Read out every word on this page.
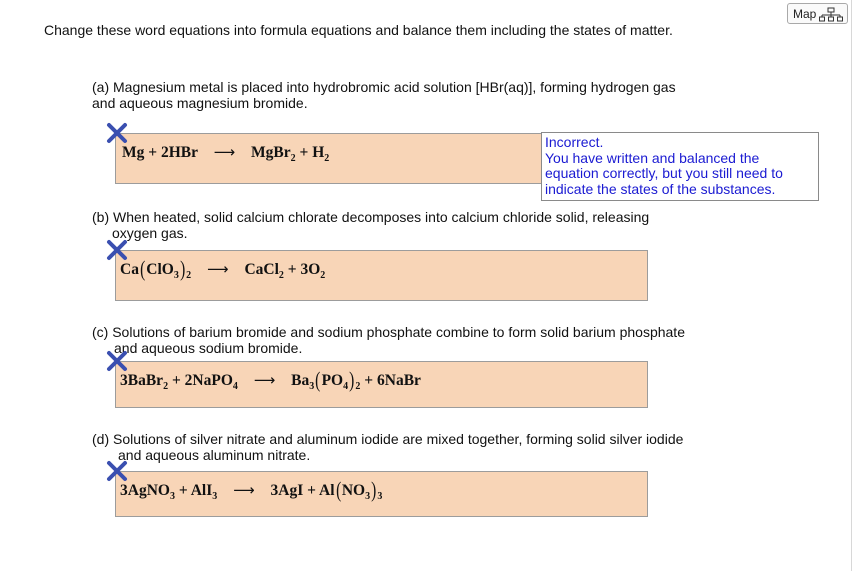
Map
Change these word equations into formula equations and balance them including the states of matter.
(a) Magnesium metal is placed into hydrobromic acid solution [HBr(aq)], forming hydrogen gas
and aqueous magnesium bromide.
Mg + 2HBr ⟶ MgBr$_2$ + $H_2$
Incorrect.
You have written and balanced the equation correctly, but you still need to indicate the states of the substances.
(b) When heated, solid calcium chlorate decomposes into calcium chloride solid, releasing
oxygen gas.
$Ca(ClO_3)_2$ ⟶ CaCl$_2$ + $3O_2$
(c) Solutions of barium bromide and sodium phosphate combine to form solid barium phosphate
and aqueous sodium bromide.
3BaBr$_2$ + 2NaPO$_4$ ⟶ $Ba_3(PO_4)_2$ + 6NaBr
(d) Solutions of silver nitrate and aluminum iodide are mixed together, forming solid silver iodide
and aqueous aluminum nitrate.
3AgNO$_3$ + AlI$_3$ ⟶ $3AgI + Al(NO_3)_3$
